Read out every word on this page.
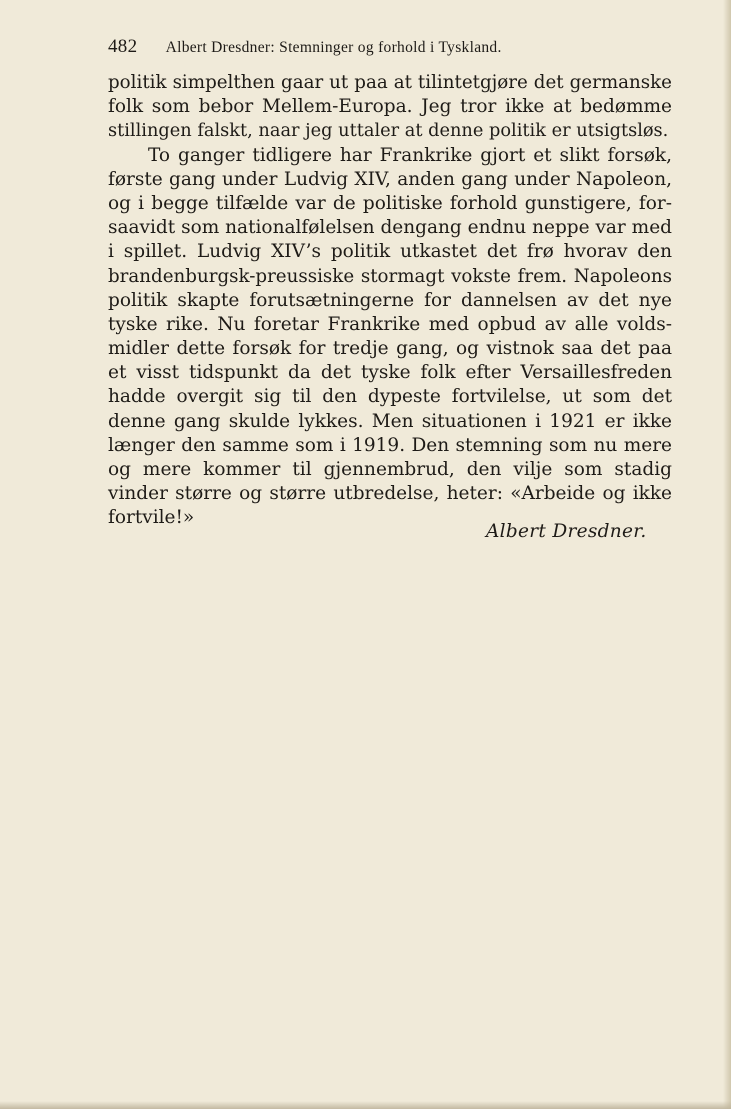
482 Albert Dresdner: Stemninger og forhold i Tyskland.
politik simpelthen gaar ut paa at tilintetgjøre det germanske
folk som bebor Mellem-Europa. Jeg tror ikke at bedømme
stillingen falskt, naar jeg uttaler at denne politik er utsigtsløs.
To ganger tidligere har Frankrike gjort et slikt forsøk,
første gang under Ludvig XIV, anden gang under Napoleon,
og i begge tilfælde var de politiske forhold gunstigere, for-
saavidt som nationalfølelsen dengang endnu neppe var med
i spillet. Ludvig XIV’s politik utkastet det frø hvorav den
brandenburgsk-preussiske stormagt vokste frem. Napoleons
politik skapte forutsætningerne for dannelsen av det nye
tyske rike. Nu foretar Frankrike med opbud av alle volds-
midler dette forsøk for tredje gang, og vistnok saa det paa
et visst tidspunkt da det tyske folk efter Versaillesfreden
hadde overgit sig til den dypeste fortvilelse, ut som det
denne gang skulde lykkes. Men situationen i 1921 er ikke
længer den samme som i 1919. Den stemning som nu mere
og mere kommer til gjennembrud, den vilje som stadig
vinder større og større utbredelse, heter: «Arbeide og ikke
fortvile!»
Albert Dresdner.
